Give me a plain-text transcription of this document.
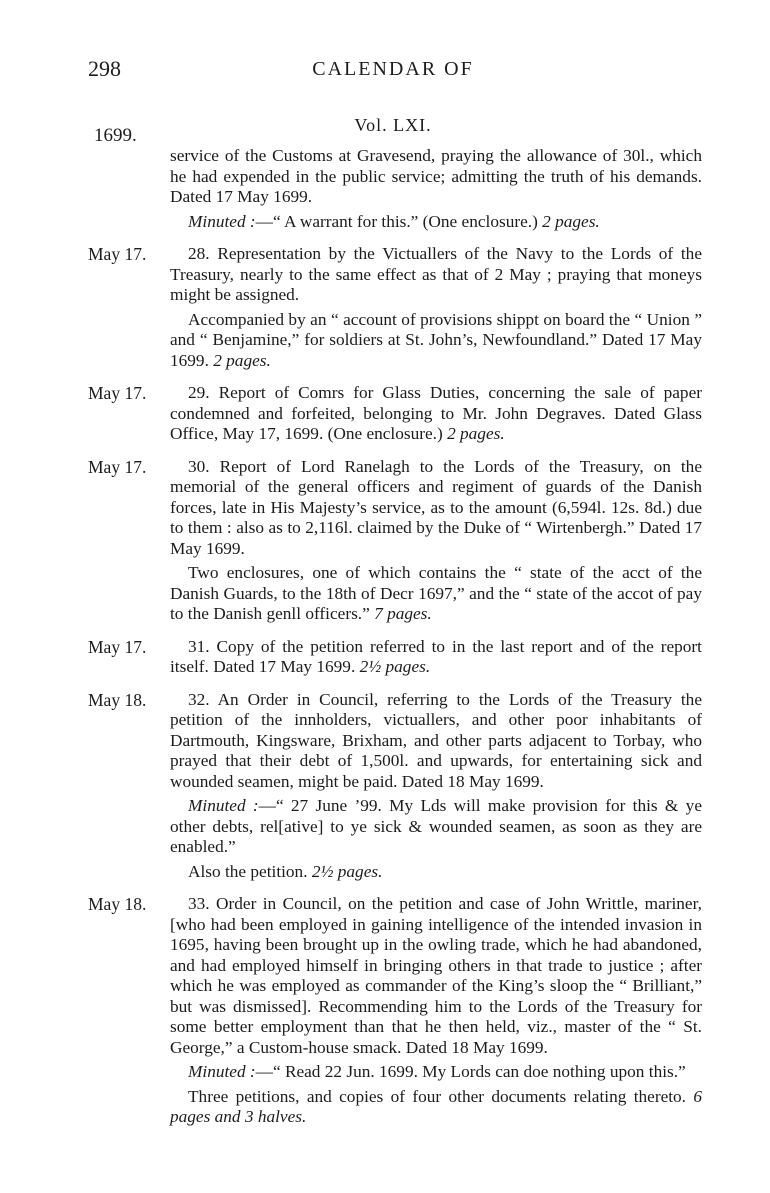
298	CALENDAR OF
1699.	Vol. LXI.

service of the Customs at Gravesend, praying the allowance of 30l., which he had expended in the public service; admitting the truth of his demands. Dated 17 May 1699.

Minuted :—“ A warrant for this.” (One enclosure.) 2 pages.

May 17.	28. Representation by the Victuallers of the Navy to the Lords of the Treasury, nearly to the same effect as that of 2 May ; praying that moneys might be assigned.

Accompanied by an “ account of provisions shippt on board the “ Union ” and “ Benjamine,” for soldiers at St. John’s, Newfoundland.” Dated 17 May 1699. 2 pages.

May 17.	29. Report of Comrs for Glass Duties, concerning the sale of paper condemned and forfeited, belonging to Mr. John Degraves. Dated Glass Office, May 17, 1699. (One enclosure.) 2 pages.

May 17.	30. Report of Lord Ranelagh to the Lords of the Treasury, on the memorial of the general officers and regiment of guards of the Danish forces, late in His Majesty’s service, as to the amount (6,594l. 12s. 8d.) due to them : also as to 2,116l. claimed by the Duke of “ Wirtenbergh.” Dated 17 May 1699.

Two enclosures, one of which contains the “ state of the acct of the Danish Guards, to the 18th of Decr 1697,” and the “ state of the accot of pay to the Danish genll officers.” 7 pages.

May 17.	31. Copy of the petition referred to in the last report and of the report itself. Dated 17 May 1699. 2½ pages.

May 18.	32. An Order in Council, referring to the Lords of the Treasury the petition of the innholders, victuallers, and other poor inhabitants of Dartmouth, Kingsware, Brixham, and other parts adjacent to Torbay, who prayed that their debt of 1,500l. and upwards, for entertaining sick and wounded seamen, might be paid. Dated 18 May 1699.

Minuted :—“ 27 June ’99. My Lds will make provision for this & ye other debts, rel[ative] to ye sick & wounded seamen, as soon as they are enabled.”

Also the petition. 2½ pages.

May 18.	33. Order in Council, on the petition and case of John Writtle, mariner, [who had been employed in gaining intelligence of the intended invasion in 1695, having been brought up in the owling trade, which he had abandoned, and had employed himself in bringing others in that trade to justice ; after which he was employed as commander of the King’s sloop the “ Brilliant,” but was dismissed]. Recommending him to the Lords of the Treasury for some better employment than that he then held, viz., master of the “ St. George,” a Custom-house smack. Dated 18 May 1699.

Minuted :—“ Read 22 Jun. 1699. My Lords can doe nothing upon this.”

Three petitions, and copies of four other documents relating thereto. 6 pages and 3 halves.
